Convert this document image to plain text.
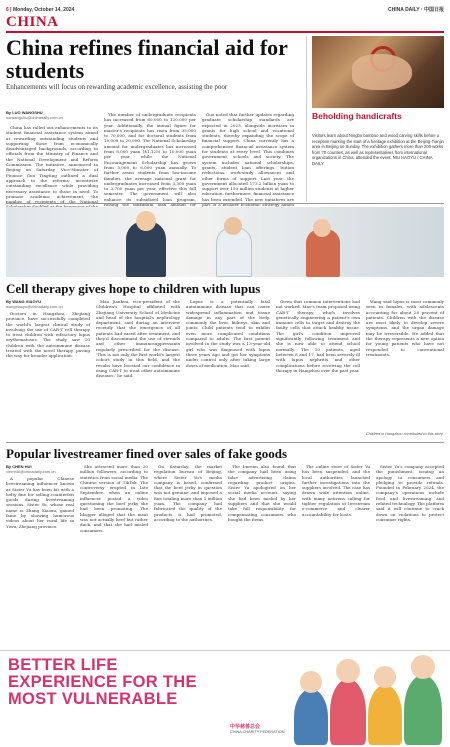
6 | Monday, October 14, 2024	CHINA DAILY · 中国日报
CHINA
China refines financial aid for students
Enhancements will focus on rewarding academic excellence, assisting the poor
By LUO WANGSHU
luowangshu@chinadaily.com.cn

China has rolled out enhancements to its student financial assistance system aimed at rewarding outstanding students and supporting those from economically disadvantaged backgrounds, according to officials from the Ministry of Finance and the National Development and Reform Commission. The initiative, announced in Beijing on Saturday, Vice-Minister of Finance Guo Tingting outlined a dual approach to the reforms: incentivize outstanding excellence while providing necessary assistance to those in need. To promote academic achievement, the number of recipients of the National

The number of undergraduate recipients has increased from 60,000 to 120,000 per year. Additionally, the annual figure for master's recipients has risen from 35,000 to 70,000, and for doctoral students from 10,000 to 20,000. The National Scholarship amount for undergraduates has increased from 8,000 yuan ($1,125) to 10,000 yuan per year, while the National Encouragement Scholarship has grown from 5,000 to 6,000 yuan annually. To further assist students from low-income families, the average national grant for undergraduates increased from 3,300 yuan to 3,700 yuan per year, effective this fall semester. The government will also enhance its subsidized loan program, raising the maximum loan amount for

Guo noted that further updates regarding graduate scholarship standards are expected in 2025, alongside increases in grants for high school and vocational students, thereby expanding the scope of financial support. China currently has a comprehensive financial assistance system for students at every level. This combines government, schools and society. The system includes national scholarships, grants, student loan offerings, tuition reductions, work-study allowances and other forms of support. Last year, the government allocated 173.2 billion yuan to support over 150 million students at higher education, furthermore, financial assistance has been extended. The new initiatives are part of a broader economic strategy aimed

Beholding handicrafts
Visitors learn about Ningbo bamboo and wood carving skills before a reception marking the start of a heritage exhibition at the Beijing-Tianjin area in Beijing on Sunday. The exhibition gathers more than 200 works from 70 counties, as well as representatives from international organizations in China, attended the event. NIU HAOYU / CHINA DAILY
Cell therapy gives hope to children with lupus
By WANG XIAOYU
wangxiaoyu@chinadaily.com.cn

Doctors in Hangzhou, Zhejiang province, have successfully completed the world's largest clinical study of involving the use of CAR-T cell therapy to treat children with refractory lupus erythematosus. The study saw 10 children with the autoimmune disease treated with the novel therapy, paving the way for broader application.

Mao Jianhua, vice-president of the Children's Hospital affiliated with Zhejiang University School of Medicine and head of the hospital's nephrology department, said during an interview recently that the emergence of all patients had eased after treatment, and they'd discontinued the use of steroids and other immunosuppressants regularly prescribed for the disease. 'This is not only the first world's largest cohort study in this field, and the results have boosted our confidence in using CAR-T to treat other autoimmune diseases,' he said.

Lupus is a potentially fatal autoimmune disease that can cause widespread inflammation and tissue damage in any part of the body, commonly the liver, kidneys, skin and joints. Child patients tend to exhibit even more complicated conditions compared to adults. The first patient involved in the study was a 13-year-old girl who was diagnosed with lupus three years ago and got her symptoms under control only after taking large doses of medication, Mao said.

Given that common interventions had not worked, Mao's team proposed using CAR-T therapy, which involves genetically engineering a patient's own immune cells to target and destroy the faulty cells that attack healthy tissue. The girl's condition improved significantly following treatment and she is now able to attend school normally. The 10 patients, aged between 8 and 17, had been severely ill with lupus nephritis and other complications before receiving the cell therapy in Hangzhou over the past year.

Wang said lupus is most commonly seen in females, with adolescents accounting for about 20 percent of patients. Children with the disease are most likely to develop severe symptoms, and the organ damage may be irreversible. He added that the therapy represents a new option for young patients who have not responded to conventional treatments.

Children in Hangzhou contributed to this story.
Popular livestreamer fined over sales of fake goods
By CHEN HUI
chenhui@chinadaily.com.cn

A popular Chinese livestreaming influencer known as Sister Yu has been hit with a hefty fine for selling counterfeit goods during livestreaming sessions. Sister Yu, whose real name is Zhang Xiaoxu, gained fame by showing humorous videos about her rural life in Yiwu, Zhejiang province.

She attracted more than 20 million followers, according to statistics from social media. The Chinese version of TikTok. The controversy erupted in late September, when an online influencer posted a video questioning the beef jerky she had been promoting. The blogger alleged that the meat was not actually beef but rather duck, and that she had misled consumers.

On Saturday, the market regulation bureau of Beijing, where Sister Yu's media company is based, confirmed that the beef jerky in question was not genuine, and imposed a fine totaling more than 1 million yuan. The company had fabricated the quality of the products it had promoted, according to the authorities.

The bureau also found that the company had been using false advertising claims regarding product origins. Sister Yu apologized on her social media account, saying she had been misled by her suppliers and that she would take full responsibility for compensating consumers who bought the items.

The online store of Sister Yu has been suspended, and the local authorities launched further investigations into the suppliers involved. The case has drawn wide attention online, with many netizens calling for tighter regulation of livestream e-commerce and clearer accountability for hosts.

Sister Yu's company accepted the punishment, issuing an apology to consumers and pledging to provide refunds. Founded in February 2024, the company's operations include food and livestreaming and related technology. The platform said it will continue to crack down on violations to protect consumer rights.

BETTER LIFE EXPERIENCE FOR THE MOST VULNERABLE
中华慈善总会
CHINA CHARITY FEDERATION
